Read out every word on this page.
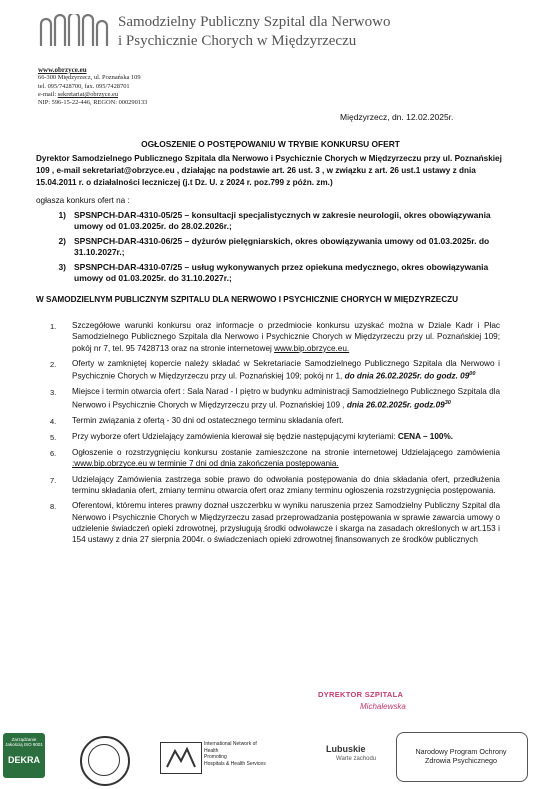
Samodzielny Publiczny Szpital dla Nerwowo
i Psychicznie Chorych w Międzyrzeczu
www.obrzyce.eu
66-300 Międzyrzecz, ul. Poznańska 109
tel. 095/7428700, fax. 095/7428701
e-mail: sekretariat@obrzyce.eu
NIP: 596-15-22-446, REGON: 000290133
Międzyrzecz, dn. 12.02.2025r.
OGŁOSZENIE O POSTĘPOWANIU W TRYBIE KONKURSU OFERT
Dyrektor Samodzielnego Publicznego Szpitala dla Nerwowo i Psychicznie Chorych w Międzyrzeczu przy ul. Poznańskiej 109 , e-mail sekretariat@obrzyce.eu , działając na podstawie art. 26 ust. 3 , w związku z art. 26 ust.1 ustawy z dnia 15.04.2011 r. o działalności leczniczej (j.t Dz. U. z 2024 r. poz.799 z późn. zm.)
ogłasza konkurs ofert na :
1) SPSNPCH-DAR-4310-05/25 – konsultacji specjalistycznych w zakresie neurologii, okres obowiązywania umowy od 01.03.2025r. do 28.02.2026r.;
2) SPSNPCH-DAR-4310-06/25 – dyżurów pielęgniarskich, okres obowiązywania umowy od 01.03.2025r. do 31.10.2027r.;
3) SPSNPCH-DAR-4310-07/25 – usług wykonywanych przez opiekuna medycznego, okres obowiązywania umowy od 01.03.2025r. do 31.10.2027r.;
W SAMODZIELNYM PUBLICZNYM SZPITALU DLA NERWOWO I PSYCHICZNIE CHORYCH W MIĘDZYRZECZU
1.	Szczegółowe warunki konkursu oraz informacje o przedmiocie konkursu uzyskać można w Dziale Kadr i Płac Samodzielnego Publicznego Szpitala dla Nerwowo i Psychicznie Chorych w Międzyrzeczu przy ul. Poznańskiej 109; pokój nr 7, tel. 95 7428713 oraz na stronie internetowej www.bip.obrzyce.eu.
2.	Oferty w zamkniętej kopercie należy składać w Sekretariacie Samodzielnego Publicznego Szpitala dla Nerwowo i Psychicznie Chorych w Międzyrzeczu przy ul. Poznańskiej 109; pokój nr 1, do dnia 26.02.2025r. do godz. $09^{00}$
3.	Miejsce i termin otwarcia ofert : Sala Narad - I piętro w budynku administracji Samodzielnego Publicznego Szpitala dla Nerwowo i Psychicznie Chorych w Międzyrzeczu przy ul. Poznańskiej 109 , dnia 26.02.2025r. $godz.09^{30}$
4.	Termin związania z ofertą - 30 dni od ostatecznego terminu składania ofert.
5.	Przy wyborze ofert Udzielający zamówienia kierował się będzie następującymi kryteriami: CENA – 100%.
6.	Ogłoszenie o rozstrzygnięciu konkursu zostanie zamieszczone na stronie internetowej Udzielającego zamówienia :www.bip.obrzyce.eu w terminie 7 dni od dnia zakończenia postępowania.
7.	Udzielający Zamówienia zastrzega sobie prawo do odwołania postępowania do dnia składania ofert, przedłużenia terminu składania ofert, zmiany terminu otwarcia ofert oraz zmiany terminu ogłoszenia rozstrzygnięcia postępowania.
8.	Oferentowi, któremu interes prawny doznał uszczerbku w wyniku naruszenia przez Samodzielny Publiczny Szpital dla Nerwowo i Psychicznie Chorych w Międzyrzeczu zasad przeprowadzania postępowania w sprawie zawarcia umowy o udzielenie świadczeń opieki zdrowotnej, przysługują środki odwoławcze i skarga na zasadach określonych w art.153 i 154 ustawy z dnia 27 sierpnia 2004r. o świadczeniach opieki zdrowotnej finansowanych ze środków publicznych
DYREKTOR SZPITALA
Michalewska
Zarządzanie Jakością ISO 9001
DEKRA
International Network of
Health
Promoting
Hospitals & Health Services
Lubuskie
Warte zachodu
Narodowy Program Ochrony
Zdrowia Psychicznego
